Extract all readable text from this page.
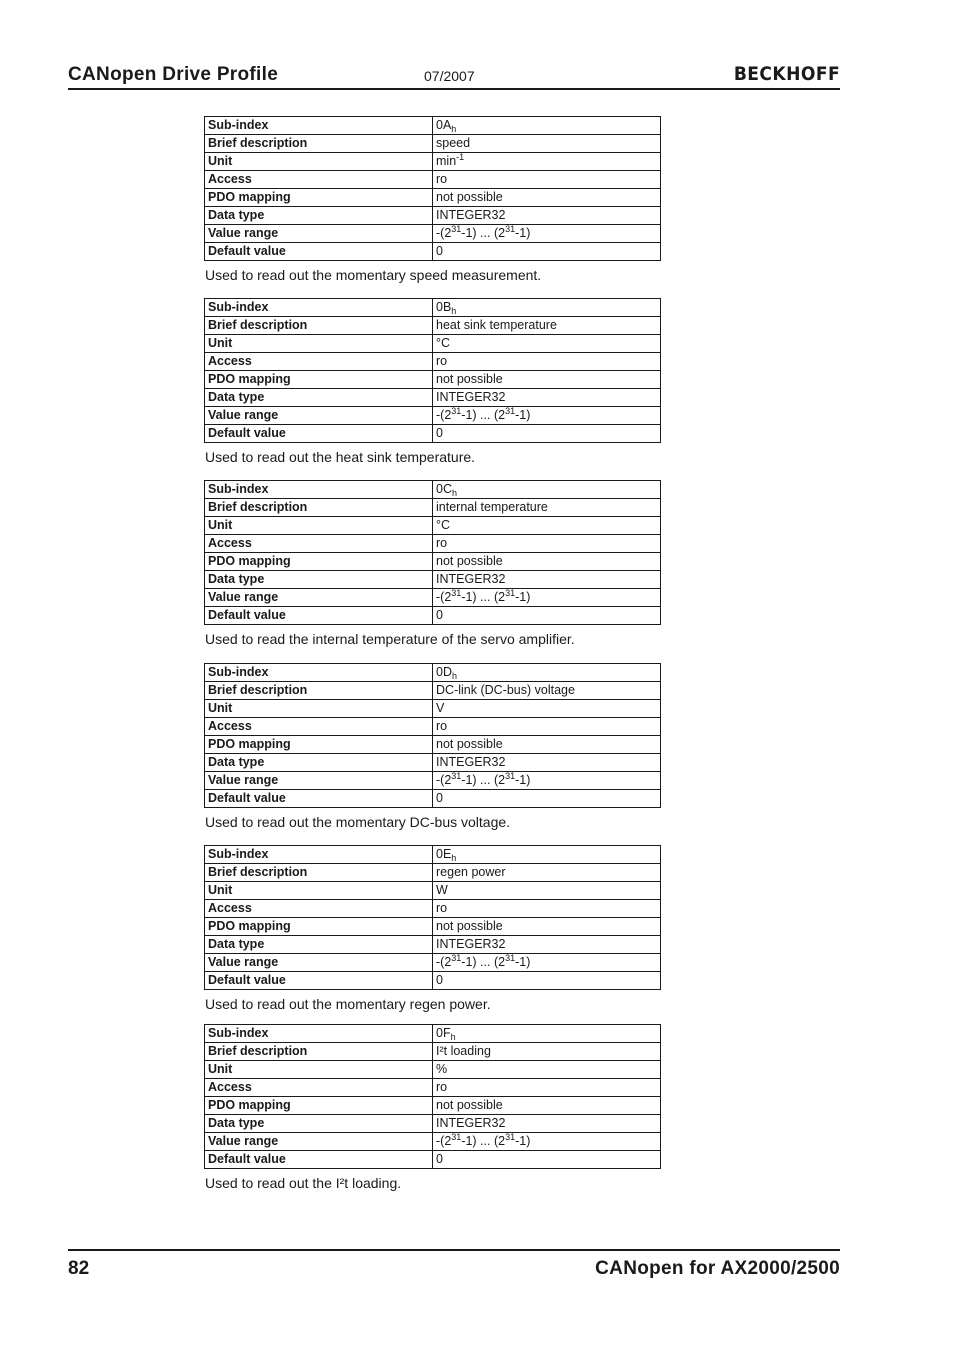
CANopen Drive Profile	07/2007	BECKHOFF
Sub-index	$0A_h$
Brief description	speed
Unit	$\min^{-1}$
Access	ro
PDO mapping	not possible
Data type	INTEGER32
Value range	$-(2^{31}-1)$ ... $(2^{31}-1)$
Default value	0
Used to read out the momentary speed measurement.
Sub-index	$0B_h$
Brief description	heat sink temperature
Unit	°C
Access	ro
PDO mapping	not possible
Data type	INTEGER32
Value range	$-(2^{31}-1)$ ... $(2^{31}-1)$
Default value	0
Used to read out the heat sink temperature.
Sub-index	$0C_h$
Brief description	internal temperature
Unit	°C
Access	ro
PDO mapping	not possible
Data type	INTEGER32
Value range	$-(2^{31}-1)$ ... $(2^{31}-1)$
Default value	0
Used to read the internal temperature of the servo amplifier.
Sub-index	$0D_h$
Brief description	DC-link (DC-bus) voltage
Unit	V
Access	ro
PDO mapping	not possible
Data type	INTEGER32
Value range	$-(2^{31}-1)$ ... $(2^{31}-1)$
Default value	0
Used to read out the momentary DC-bus voltage.
Sub-index	$0E_h$
Brief description	regen power
Unit	W
Access	ro
PDO mapping	not possible
Data type	INTEGER32
Value range	$-(2^{31}-1)$ ... $(2^{31}-1)$
Default value	0
Used to read out the momentary regen power.
Sub-index	$0F_h$
Brief description	I²t loading
Unit	%
Access	ro
PDO mapping	not possible
Data type	INTEGER32
Value range	$-(2^{31}-1)$ ... $(2^{31}-1)$
Default value	0
Used to read out the I²t loading.
82	CANopen for AX2000/2500
